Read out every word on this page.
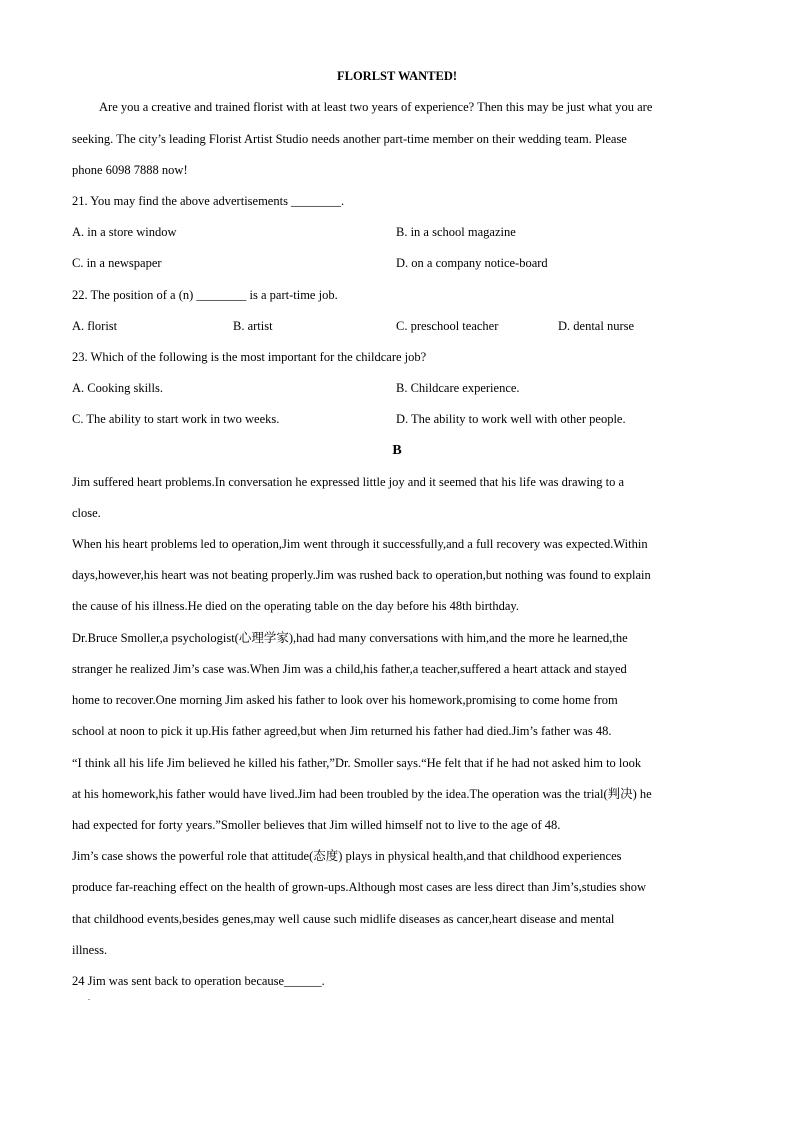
FLORLST WANTED!
Are you a creative and trained florist with at least two years of experience? Then this may be just what you are
seeking. The city’s leading Florist Artist Studio needs another part-time member on their wedding team. Please
phone 6098 7888 now!
21. You may find the above advertisements ________.
A. in a store window	B. in a school magazine
C. in a newspaper	D. on a company notice-board
22. The position of a (n) ________ is a part-time job.
A. florist	B. artist	C. preschool teacher	D. dental nurse
23. Which of the following is the most important for the childcare job?
A. Cooking skills.	B. Childcare experience.
C. The ability to start work in two weeks.	D. The ability to work well with other people.
B
Jim suffered heart problems.In conversation he expressed little joy and it seemed that his life was drawing to a
close.
When his heart problems led to operation,Jim went through it successfully,and a full recovery was expected.Within
days,however,his heart was not beating properly.Jim was rushed back to operation,but nothing was found to explain
the cause of his illness.He died on the operating table on the day before his 48th birthday.
Dr.Bruce Smoller,a psychologist(心理学家),had had many conversations with him,and the more he learned,the
stranger he realized Jim’s case was.When Jim was a child,his father,a teacher,suffered a heart attack and stayed
home to recover.One morning Jim asked his father to look over his homework,promising to come home from
school at noon to pick it up.His father agreed,but when Jim returned his father had died.Jim’s father was 48.
“I think all his life Jim believed he killed his father,”Dr. Smoller says.“He felt that if he had not asked him to look
at his homework,his father would have lived.Jim had been troubled by the idea.The operation was the trial(判决) he
had expected for forty years.”Smoller believes that Jim willed himself not to live to the age of 48.
Jim’s case shows the powerful role that attitude(态度) plays in physical health,and that childhood experiences
produce far-reaching effect on the health of grown-ups.Although most cases are less direct than Jim’s,studies show
that childhood events,besides genes,may well cause such midlife diseases as cancer,heart disease and mental
illness.
24 Jim was sent back to operation because______.
.
